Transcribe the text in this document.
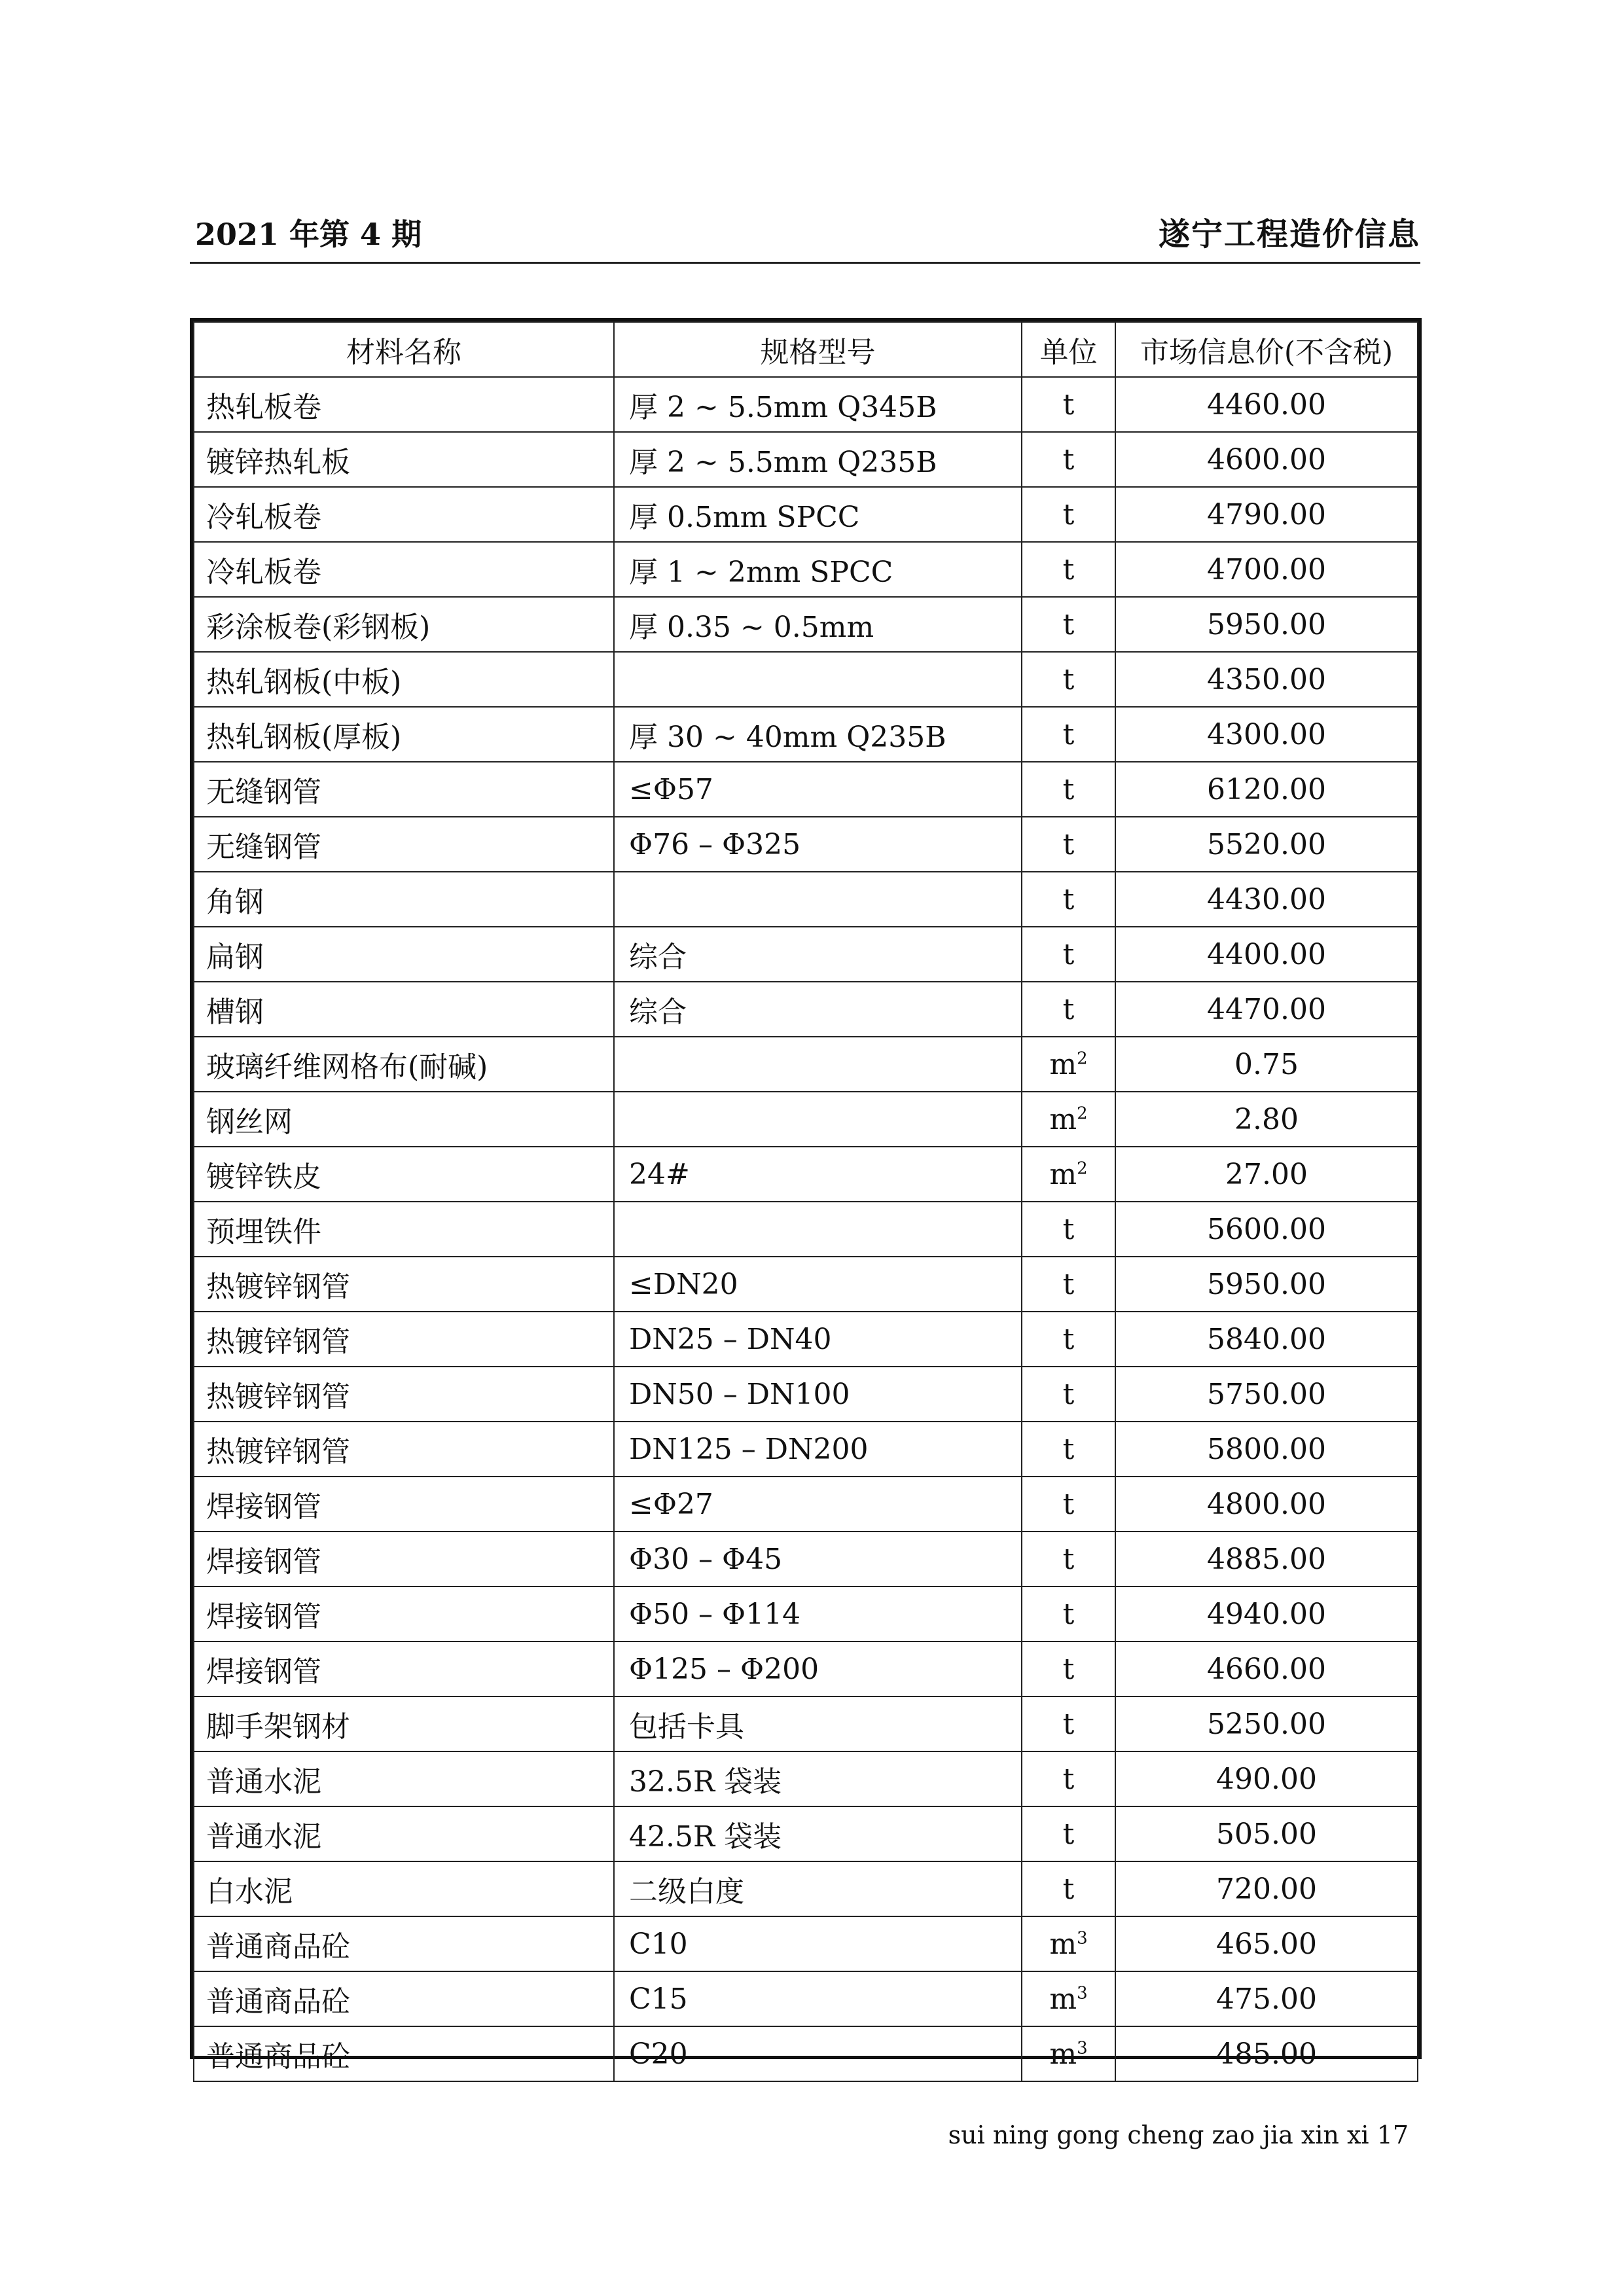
2021 年第 4 期	遂宁工程造价信息
材料名称	规格型号	单位	市场信息价(不含税)
热轧板卷	厚 2 ~ 5.5mm Q345B	t	4460.00
镀锌热轧板	厚 2 ~ 5.5mm Q235B	t	4600.00
冷轧板卷	厚 0.5mm SPCC	t	4790.00
冷轧板卷	厚 1 ~ 2mm SPCC	t	4700.00
彩涂板卷(彩钢板)	厚 0.35 ~ 0.5mm	t	5950.00
热轧钢板(中板)		t	4350.00
热轧钢板(厚板)	厚 30 ~ 40mm Q235B	t	4300.00
无缝钢管	≤Φ57	t	6120.00
无缝钢管	Φ76 – Φ325	t	5520.00
角钢		t	4430.00
扁钢	综合	t	4400.00
槽钢	综合	t	4470.00
玻璃纤维网格布(耐碱)		$m^2$	0.75
钢丝网		$m^2$	2.80
镀锌铁皮	24#	$m^2$	27.00
预埋铁件		t	5600.00
热镀锌钢管	≤DN20	t	5950.00
热镀锌钢管	DN25 – DN40	t	5840.00
热镀锌钢管	DN50 – DN100	t	5750.00
热镀锌钢管	DN125 – DN200	t	5800.00
焊接钢管	≤Φ27	t	4800.00
焊接钢管	Φ30 – Φ45	t	4885.00
焊接钢管	Φ50 – Φ114	t	4940.00
焊接钢管	Φ125 – Φ200	t	4660.00
脚手架钢材	包括卡具	t	5250.00
普通水泥	32.5R 袋装	t	490.00
普通水泥	42.5R 袋装	t	505.00
白水泥	二级白度	t	720.00
普通商品砼	C10	$m^3$	465.00
普通商品砼	C15	$m^3$	475.00
普通商品砼	C20	$m^3$	485.00
sui ning gong cheng zao jia xin xi 17
